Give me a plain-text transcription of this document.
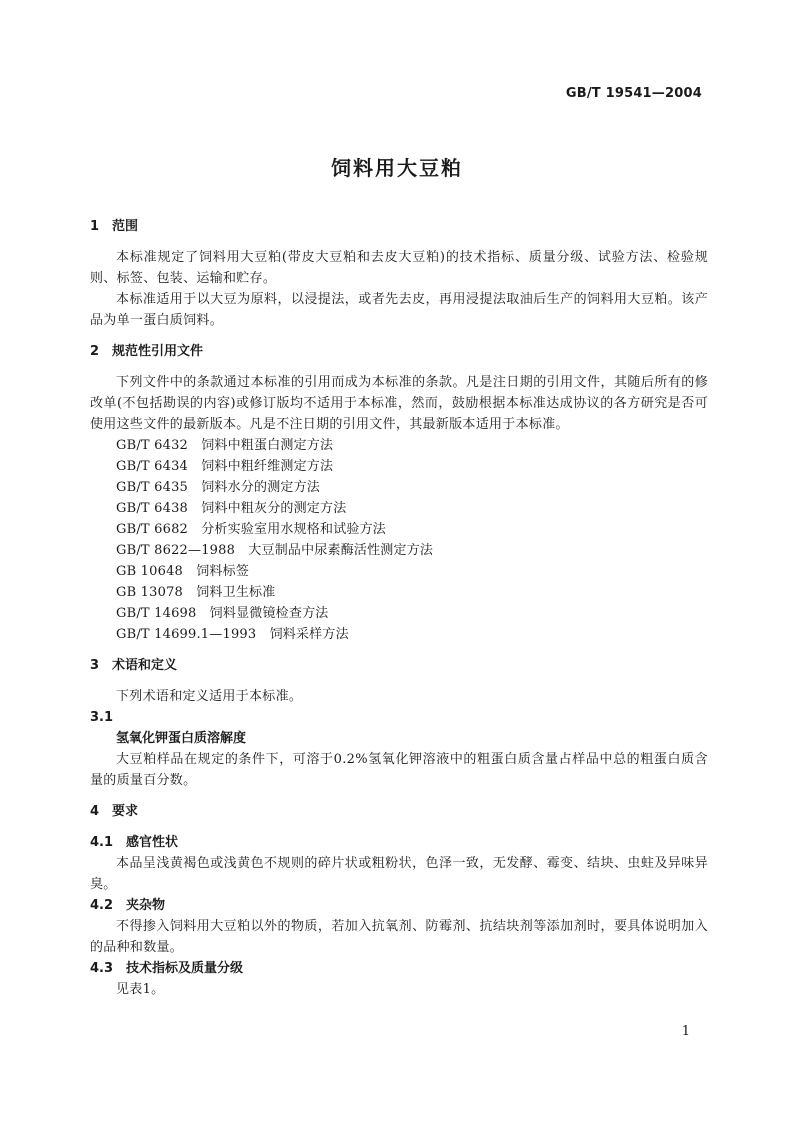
GB/T 19541—2004
饲料用大豆粕
1　范围
本标准规定了饲料用大豆粕(带皮大豆粕和去皮大豆粕)的技术指标、质量分级、试验方法、检验规则、标签、包装、运输和贮存。
本标准适用于以大豆为原料，以浸提法，或者先去皮，再用浸提法取油后生产的饲料用大豆粕。该产品为单一蛋白质饲料。
2　规范性引用文件
下列文件中的条款通过本标准的引用而成为本标准的条款。凡是注日期的引用文件，其随后所有的修改单(不包括勘误的内容)或修订版均不适用于本标准，然而，鼓励根据本标准达成协议的各方研究是否可使用这些文件的最新版本。凡是不注日期的引用文件，其最新版本适用于本标准。
GB/T 6432　饲料中粗蛋白测定方法
GB/T 6434　饲料中粗纤维测定方法
GB/T 6435　饲料水分的测定方法
GB/T 6438　饲料中粗灰分的测定方法
GB/T 6682　分析实验室用水规格和试验方法
GB/T 8622—1988　大豆制品中尿素酶活性测定方法
GB 10648　饲料标签
GB 13078　饲料卫生标准
GB/T 14698　饲料显微镜检查方法
GB/T 14699.1—1993　饲料采样方法
3　术语和定义
下列术语和定义适用于本标准。
3.1
氢氧化钾蛋白质溶解度
大豆粕样品在规定的条件下，可溶于0.2%氢氧化钾溶液中的粗蛋白质含量占样品中总的粗蛋白质含量的质量百分数。
4　要求
4.1　感官性状
本品呈浅黄褐色或浅黄色不规则的碎片状或粗粉状，色泽一致，无发酵、霉变、结块、虫蛀及异味异臭。
4.2　夹杂物
不得掺入饲料用大豆粕以外的物质，若加入抗氧剂、防霉剂、抗结块剂等添加剂时，要具体说明加入的品种和数量。
4.3　技术指标及质量分级
见表1。
1
